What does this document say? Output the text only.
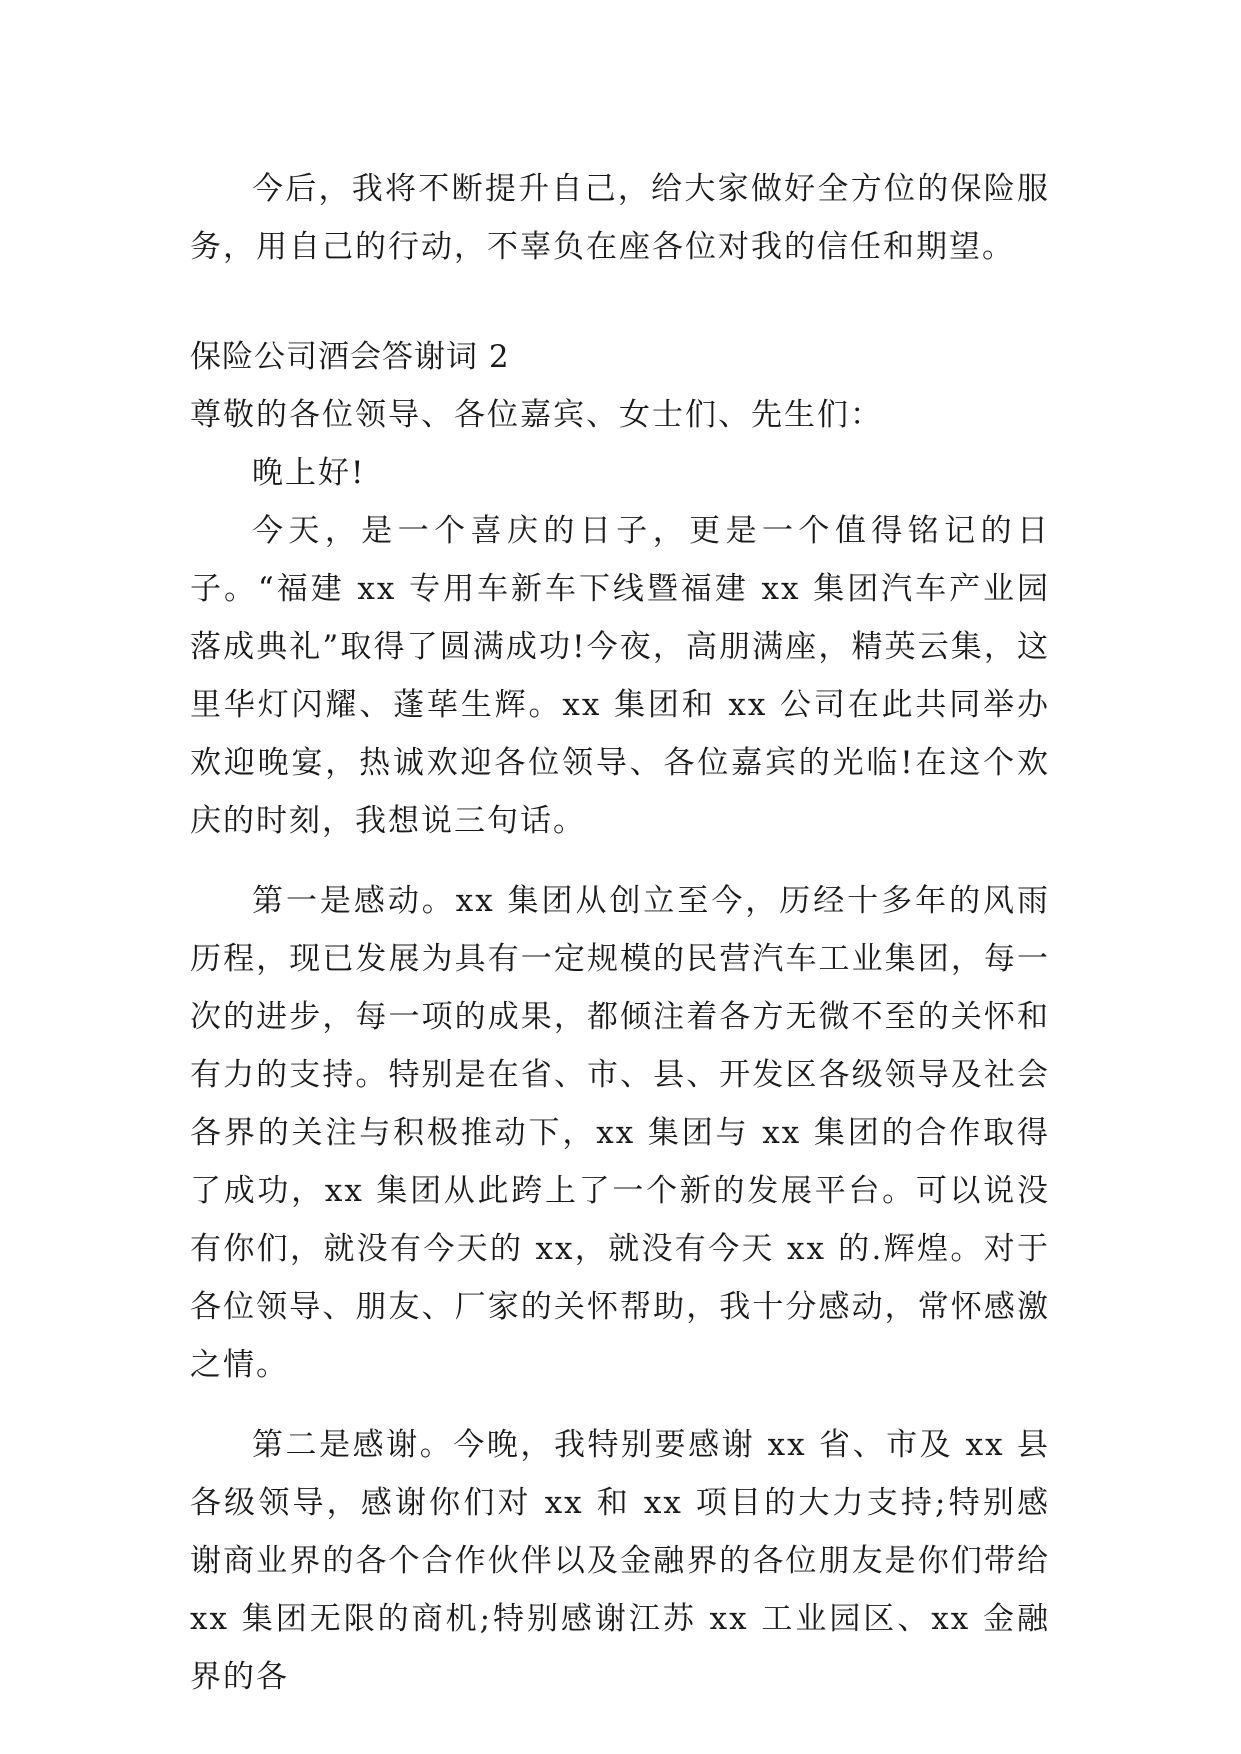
今后，我将不断提升自己，给大家做好全方位的保险服务，用自己的行动，不辜负在座各位对我的信任和期望。

保险公司酒会答谢词 2

尊敬的各位领导、各位嘉宾、女士们、先生们：

晚上好!

今天，是一个喜庆的日子，更是一个值得铭记的日子。“福建 xx 专用车新车下线暨福建 xx 集团汽车产业园落成典礼”取得了圆满成功!今夜，高朋满座，精英云集，这里华灯闪耀、蓬荜生辉。xx 集团和 xx 公司在此共同举办欢迎晚宴，热诚欢迎各位领导、各位嘉宾的光临!在这个欢庆的时刻，我想说三句话。

第一是感动。xx 集团从创立至今，历经十多年的风雨历程，现已发展为具有一定规模的民营汽车工业集团，每一次的进步，每一项的成果，都倾注着各方无微不至的关怀和有力的支持。特别是在省、市、县、开发区各级领导及社会各界的关注与积极推动下，xx 集团与 xx 集团的合作取得了成功，xx 集团从此跨上了一个新的发展平台。可以说没有你们，就没有今天的 xx，就没有今天 xx 的.辉煌。对于各位领导、朋友、厂家的关怀帮助，我十分感动，常怀感激之情。

第二是感谢。今晚，我特别要感谢 xx 省、市及 xx 县各级领导，感谢你们对 xx 和 xx 项目的大力支持;特别感谢商业界的各个合作伙伴以及金融界的各位朋友是你们带给 xx 集团无限的商机;特别感谢江苏 xx 工业园区、xx 金融界的各
